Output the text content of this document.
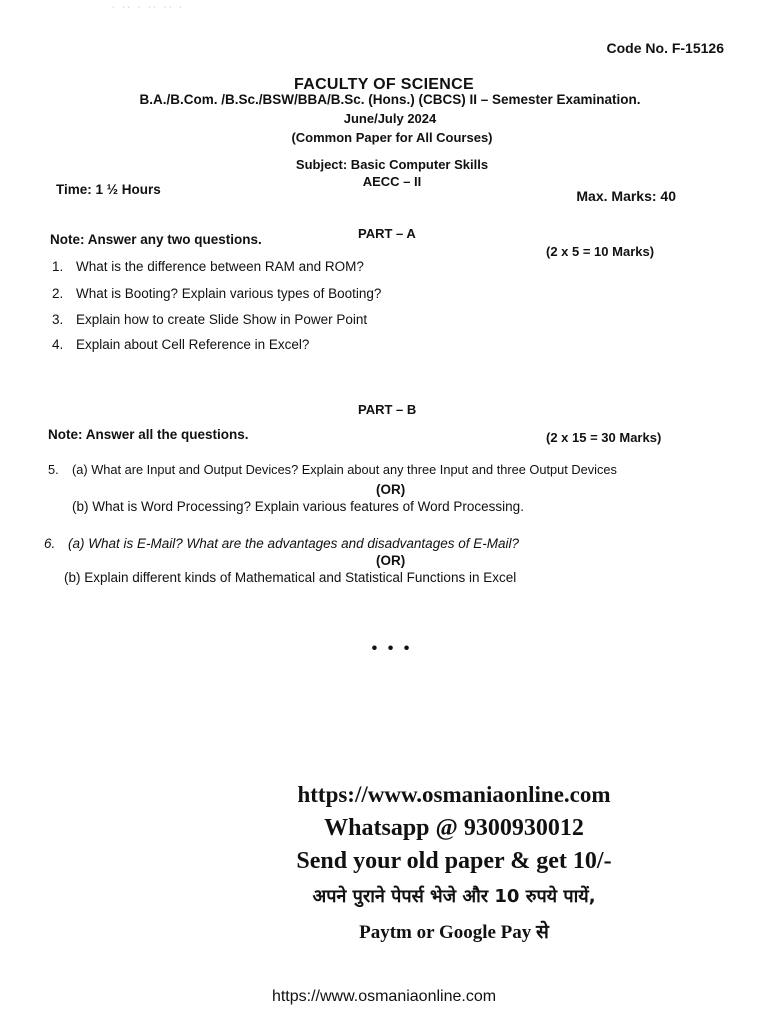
· ·· · ·· ·· ·
Code No. F-15126
FACULTY OF SCIENCE
B.A./B.Com. /B.Sc./BSW/BBA/B.Sc. (Hons.) (CBCS) II – Semester Examination.
June/July 2024
(Common Paper for All Courses)
Subject: Basic Computer Skills
AECC – II
Time: 1 ½ Hours	Max. Marks: 40
PART – A
Note: Answer any two questions.
(2 x 5 = 10 Marks)
1. What is the difference between RAM and ROM?
2. What is Booting? Explain various types of Booting?
3. Explain how to create Slide Show in Power Point
4. Explain about Cell Reference in Excel?
PART – B
Note: Answer all the questions.	(2 x 15 = 30 Marks)
5. (a) What are Input and Output Devices? Explain about any three Input and three Output Devices
(OR)
(b) What is Word Processing? Explain various features of Word Processing.
6. (a) What is E-Mail? What are the advantages and disadvantages of E-Mail?
(OR)
(b) Explain different kinds of Mathematical and Statistical Functions in Excel
• • •
https://www.osmaniaonline.com
Whatsapp @ 9300930012
Send your old paper & get 10/-
अपने पुराने पेपर्स भेजे और 10 रुपये पायें,
Paytm or Google Pay से
https://www.osmaniaonline.com
